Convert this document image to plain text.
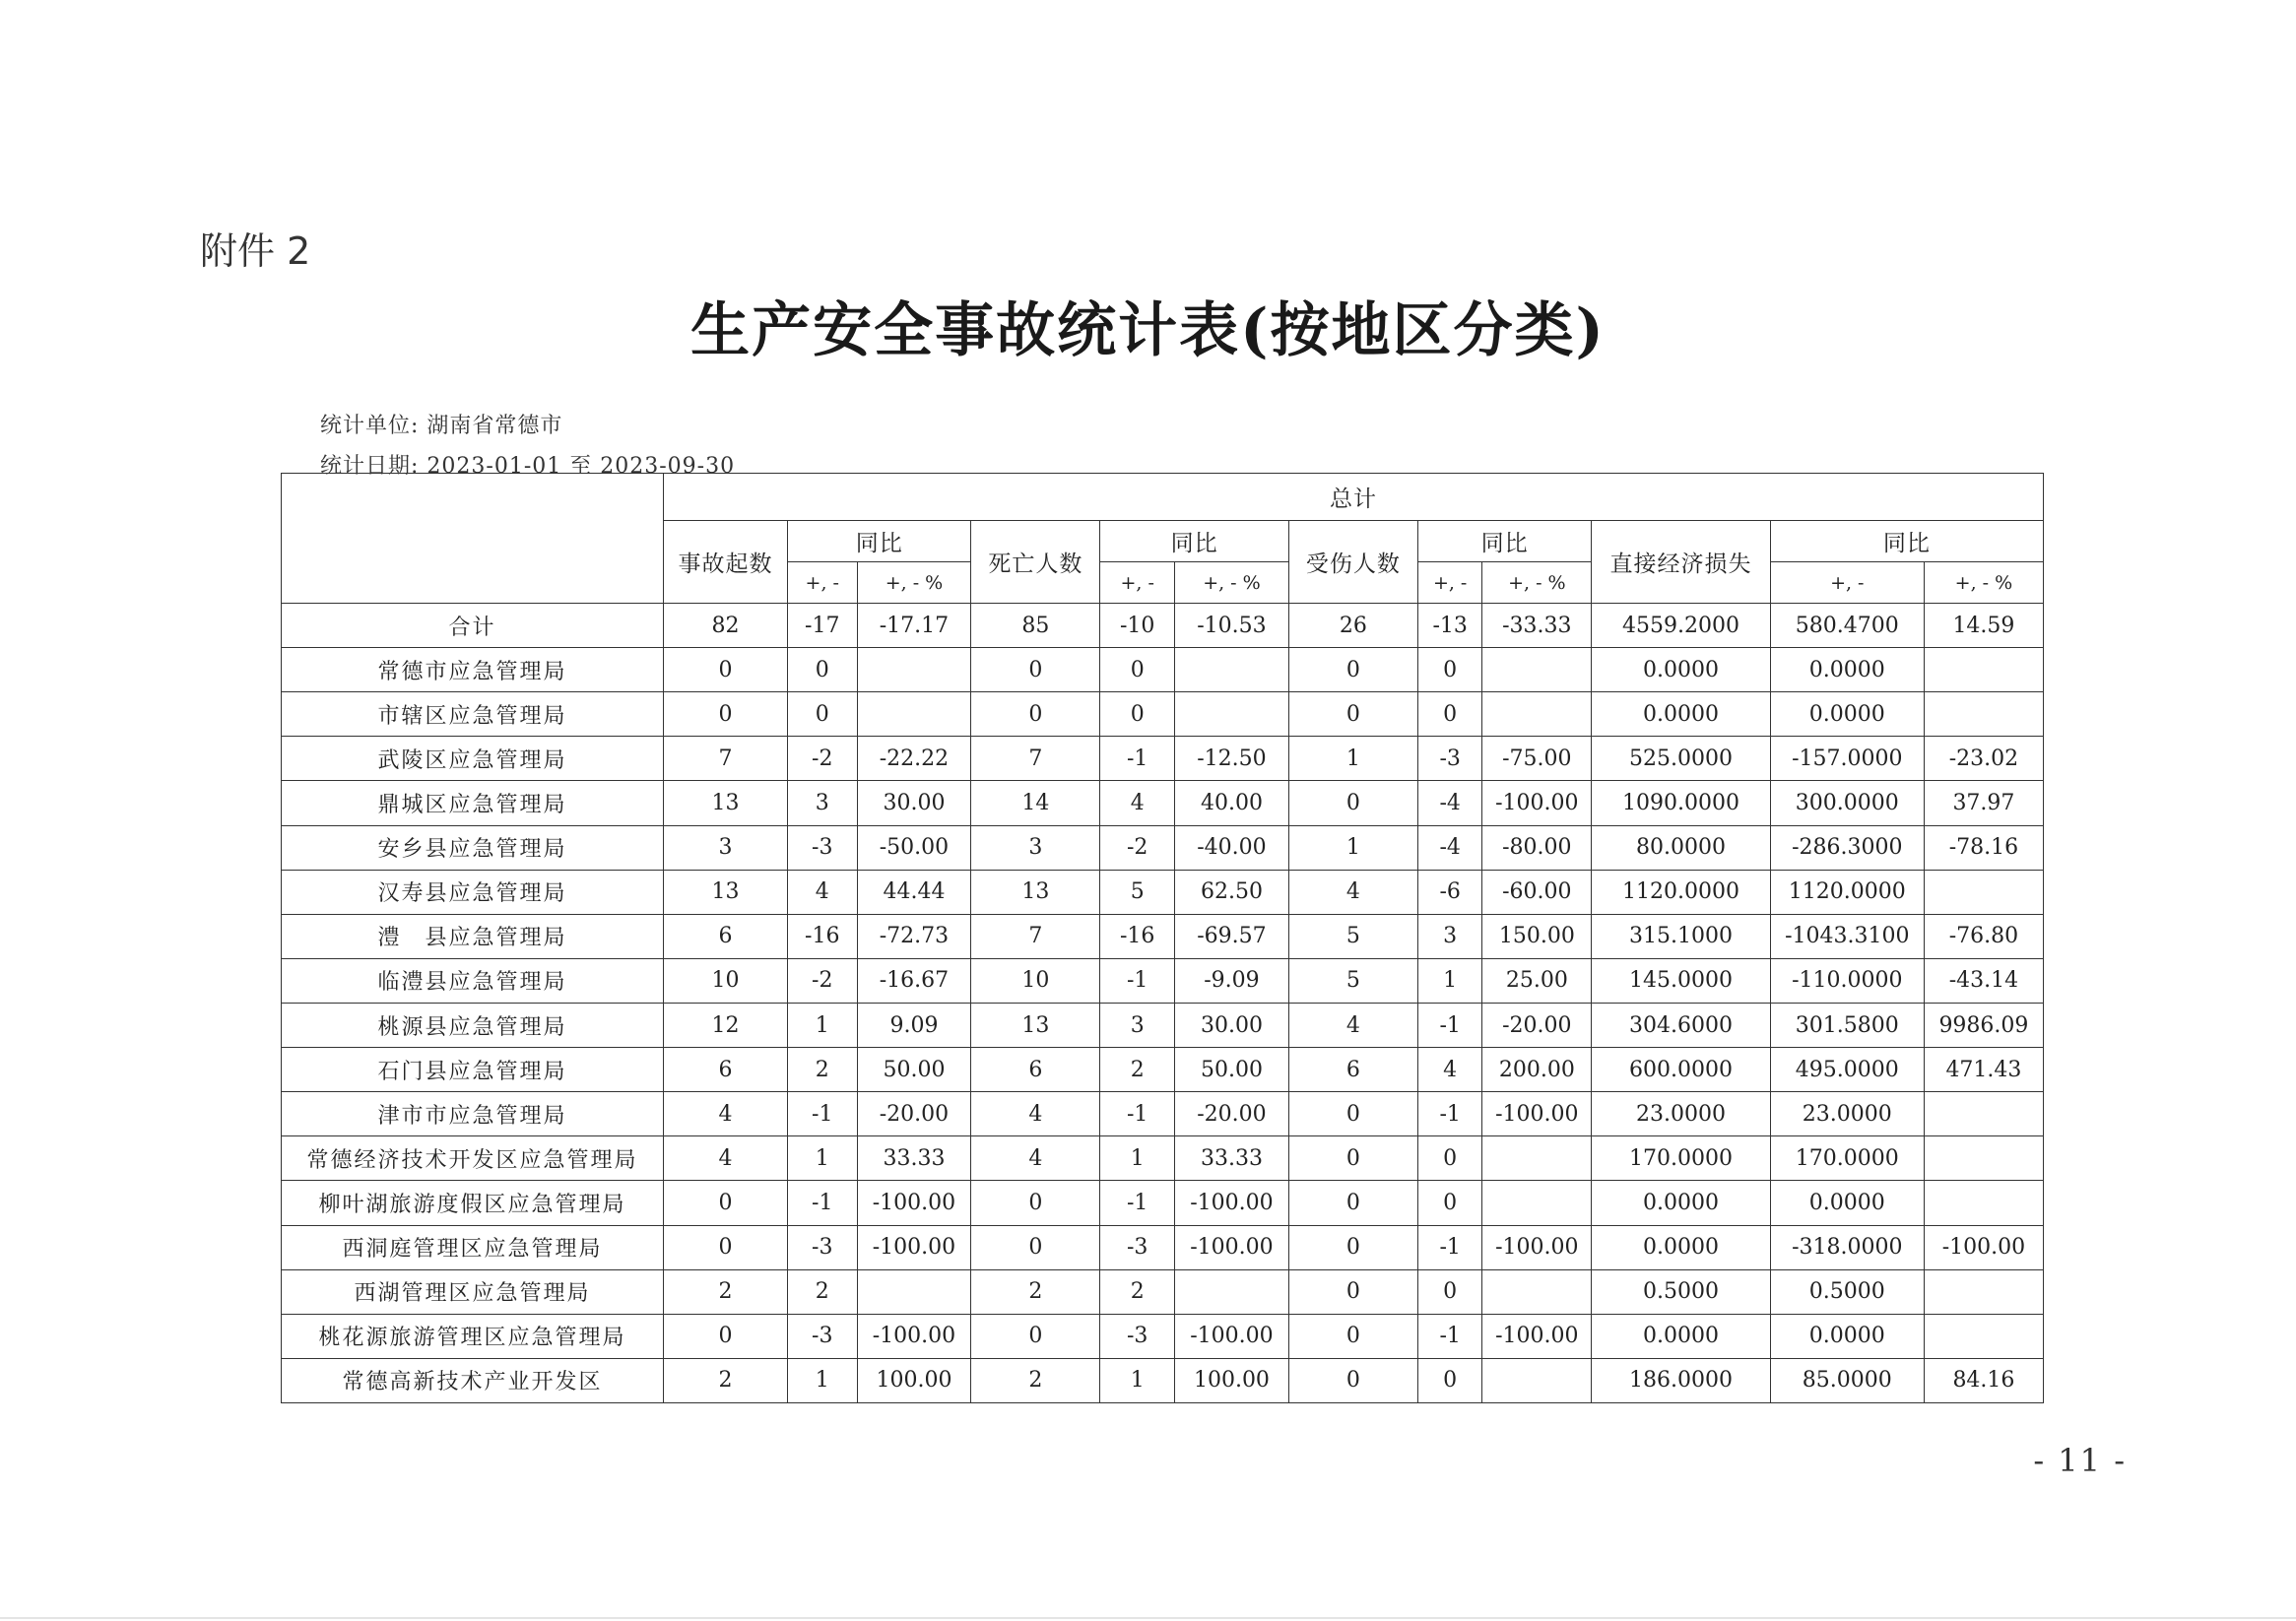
附件 2
生产安全事故统计表(按地区分类)
统计单位: 湖南省常德市
统计日期: 2023-01-01 至 2023-09-30
	总计											
	事故起数	同比		死亡人数	同比		受伤人数	同比		直接经济损失	同比	
		+, -	+, - %		+, -	+, - %		+, -	+, - %		+, -	+, - %
合计	82	-17	-17.17	85	-10	-10.53	26	-13	-33.33	4559.2000	580.4700	14.59
常德市应急管理局	0	0		0	0		0	0		0.0000	0.0000	
市辖区应急管理局	0	0		0	0		0	0		0.0000	0.0000	
武陵区应急管理局	7	-2	-22.22	7	-1	-12.50	1	-3	-75.00	525.0000	-157.0000	-23.02
鼎城区应急管理局	13	3	30.00	14	4	40.00	0	-4	-100.00	1090.0000	300.0000	37.97
安乡县应急管理局	3	-3	-50.00	3	-2	-40.00	1	-4	-80.00	80.0000	-286.3000	-78.16
汉寿县应急管理局	13	4	44.44	13	5	62.50	4	-6	-60.00	1120.0000	1120.0000	
澧　县应急管理局	6	-16	-72.73	7	-16	-69.57	5	3	150.00	315.1000	-1043.3100	-76.80
临澧县应急管理局	10	-2	-16.67	10	-1	-9.09	5	1	25.00	145.0000	-110.0000	-43.14
桃源县应急管理局	12	1	9.09	13	3	30.00	4	-1	-20.00	304.6000	301.5800	9986.09
石门县应急管理局	6	2	50.00	6	2	50.00	6	4	200.00	600.0000	495.0000	471.43
津市市应急管理局	4	-1	-20.00	4	-1	-20.00	0	-1	-100.00	23.0000	23.0000	
常德经济技术开发区应急管理局	4	1	33.33	4	1	33.33	0	0		170.0000	170.0000	
柳叶湖旅游度假区应急管理局	0	-1	-100.00	0	-1	-100.00	0	0		0.0000	0.0000	
西洞庭管理区应急管理局	0	-3	-100.00	0	-3	-100.00	0	-1	-100.00	0.0000	-318.0000	-100.00
西湖管理区应急管理局	2	2		2	2		0	0		0.5000	0.5000	
桃花源旅游管理区应急管理局	0	-3	-100.00	0	-3	-100.00	0	-1	-100.00	0.0000	0.0000	
常德高新技术产业开发区	2	1	100.00	2	1	100.00	0	0		186.0000	85.0000	84.16
- 11 -
